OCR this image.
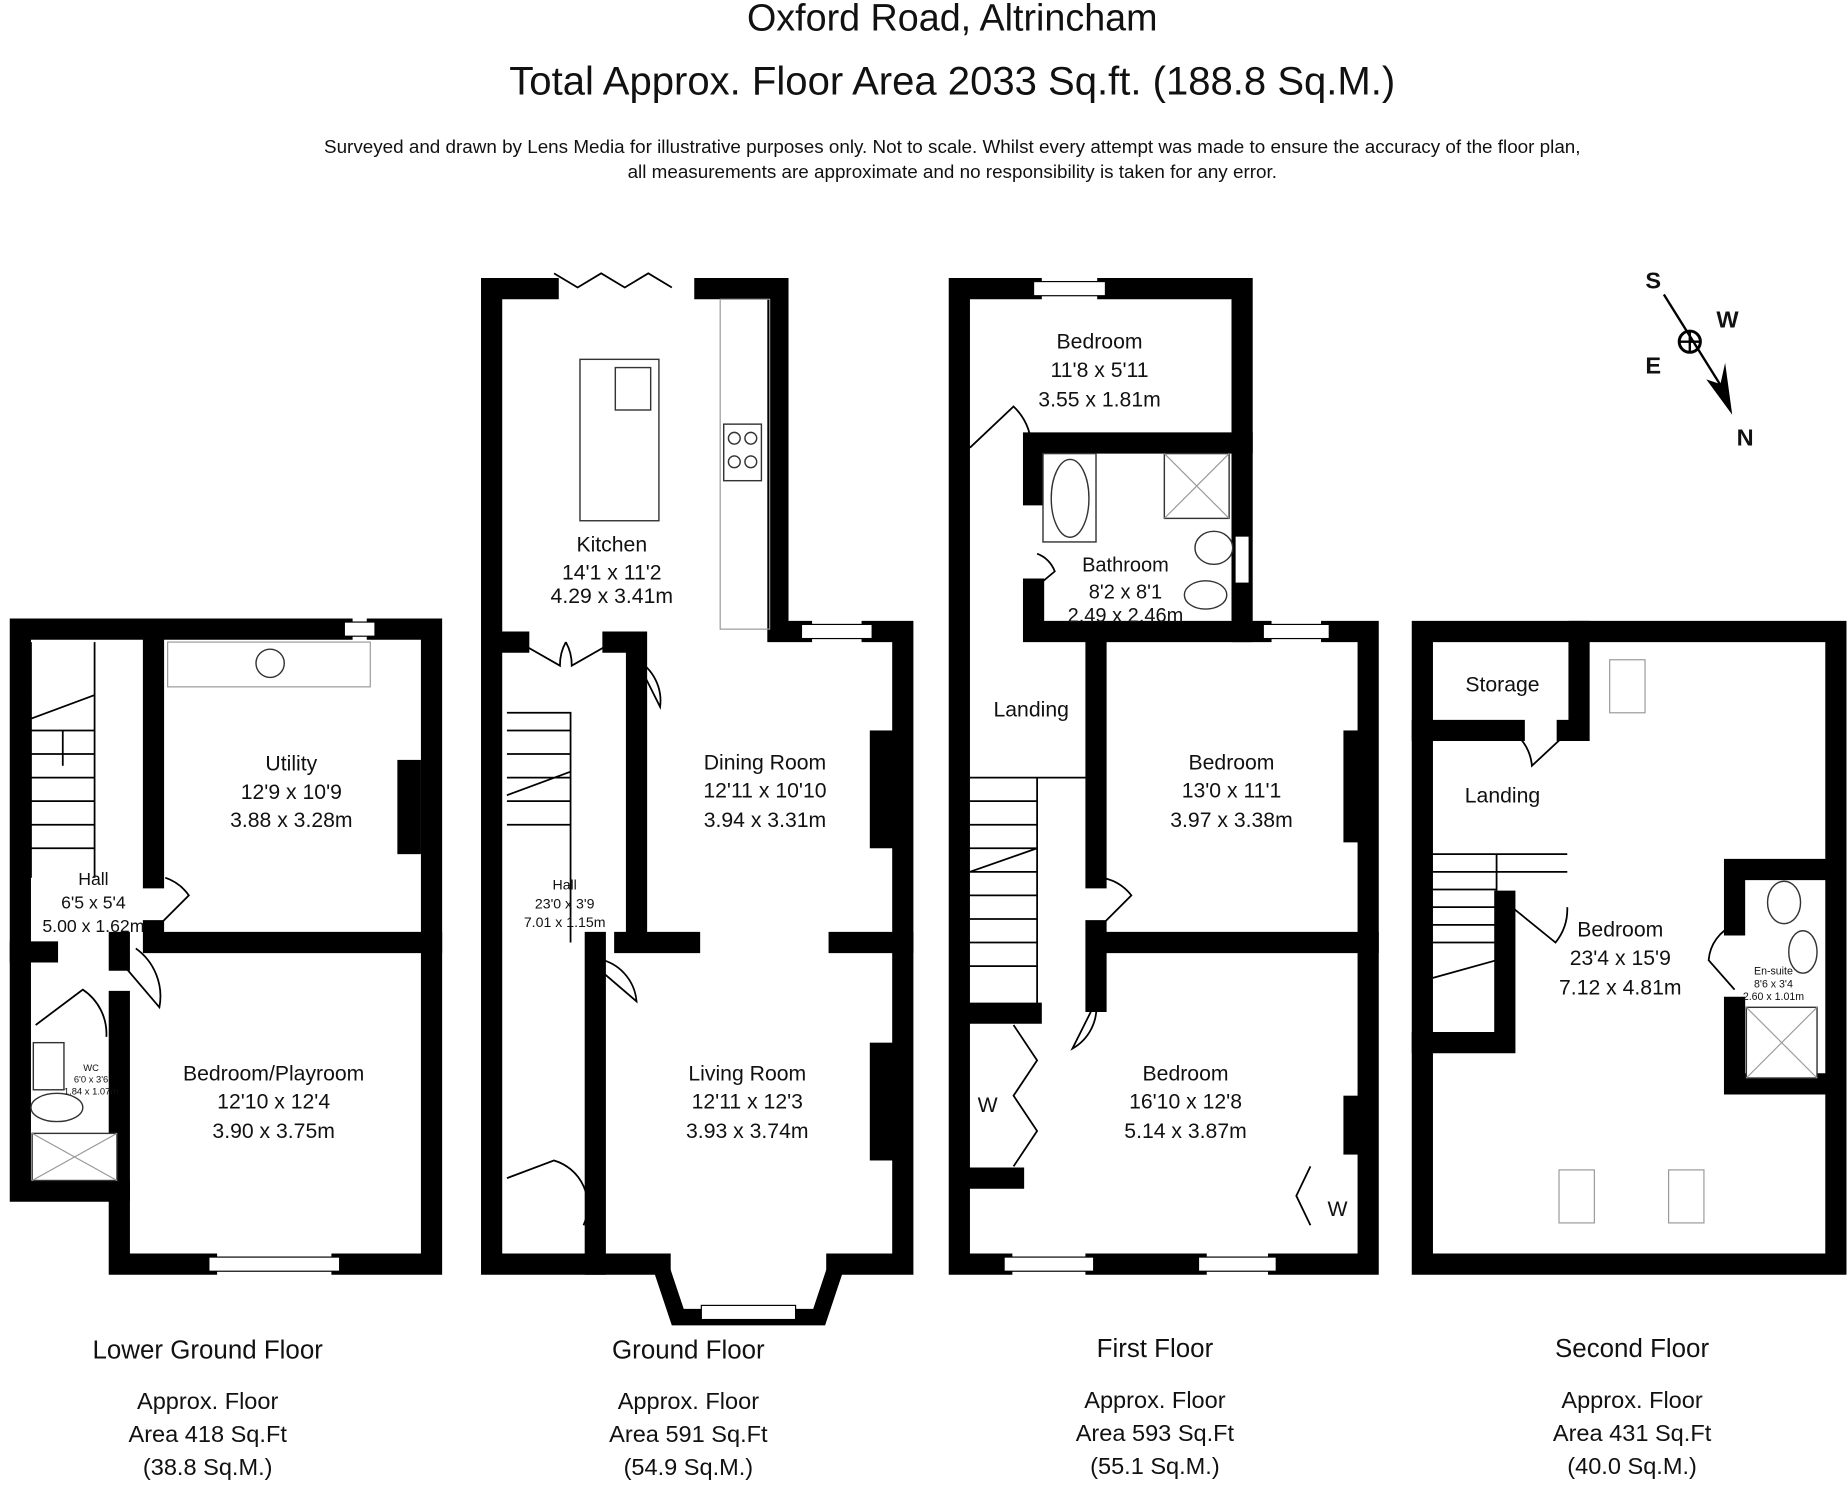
Oxford Road, Altrincham
Total Approx. Floor Area 2033 Sq.ft. (188.8 Sq.M.)
Surveyed and drawn by Lens Media for illustrative purposes only. Not to scale. Whilst every attempt was made to ensure the accuracy of the floor plan,
all measurements are approximate and no responsibility is taken for any error.
S
W
E
N
Utility
12'9 x 10'9
3.88 x 3.28m
Hall
6'5 x 5'4
5.00 x 1.62m
Bedroom/Playroom
12'10 x 12'4
3.90 x 3.75m
WC
6'0 x 3'6
1.84 x 1.07m
Kitchen
14'1 x 11'2
4.29 x 3.41m
Dining Room
12'11 x 10'10
3.94 x 3.31m
Hall
23'0 x 3'9
7.01 x 1.15m
Living Room
12'11 x 12'3
3.93 x 3.74m
Bedroom
11'8 x 5'11
3.55 x 1.81m
Bathroom
8'2 x 8'1
2.49 x 2.46m
Landing
Bedroom
13'0 x 11'1
3.97 x 3.38m
Bedroom
16'10 x 12'8
5.14 x 3.87m
W
W
Storage
Landing
Bedroom
23'4 x 15'9
7.12 x 4.81m
En-suite
8'6 x 3'4
2.60 x 1.01m
Lower Ground Floor
Approx. Floor
Area 418 Sq.Ft
(38.8 Sq.M.)
Ground Floor
Approx. Floor
Area 591 Sq.Ft
(54.9 Sq.M.)
First Floor
Approx. Floor
Area 593 Sq.Ft
(55.1 Sq.M.)
Second Floor
Approx. Floor
Area 431 Sq.Ft
(40.0 Sq.M.)
